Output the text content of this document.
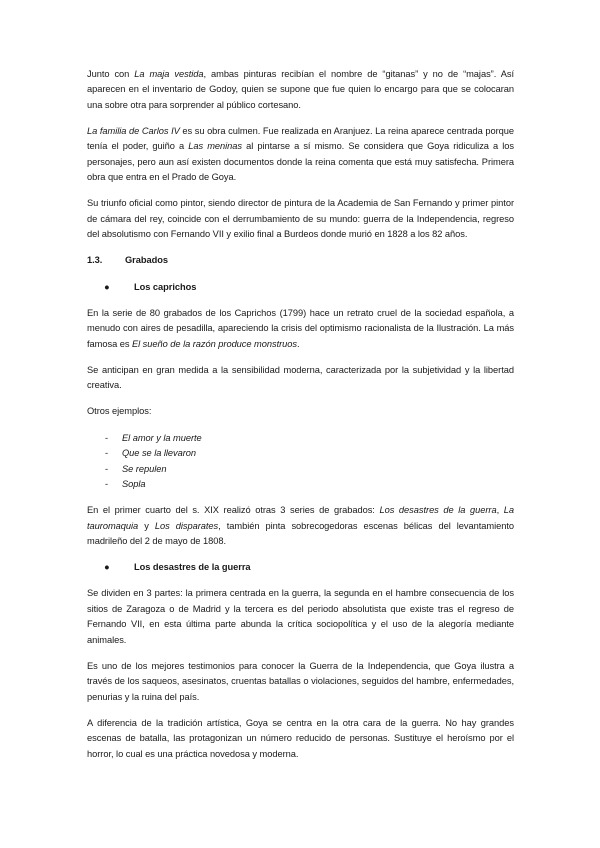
Junto con La maja vestida, ambas pinturas recibían el nombre de “gitanas” y no de “majas”. Así aparecen en el inventario de Godoy, quien se supone que fue quien lo encargo para que se colocaran una sobre otra para sorprender al público cortesano.

La familia de Carlos IV es su obra culmen. Fue realizada en Aranjuez. La reina aparece centrada porque tenía el poder, guiño a Las meninas al pintarse a sí mismo. Se considera que Goya ridiculiza a los personajes, pero aun así existen documentos donde la reina comenta que está muy satisfecha. Primera obra que entra en el Prado de Goya.

Su triunfo oficial como pintor, siendo director de pintura de la Academia de San Fernando y primer pintor de cámara del rey, coincide con el derrumbamiento de su mundo: guerra de la Independencia, regreso del absolutismo con Fernando VII y exilio final a Burdeos donde murió en 1828 a los 82 años.

1.3.	Grabados
●	Los caprichos

En la serie de 80 grabados de los Caprichos (1799) hace un retrato cruel de la sociedad española, a menudo con aires de pesadilla, apareciendo la crisis del optimismo racionalista de la Ilustración. La más famosa es El sueño de la razón produce monstruos.

Se anticipan en gran medida a la sensibilidad moderna, caracterizada por la subjetividad y la libertad creativa.

Otros ejemplos:

-
El amor y la muerte
-
Que se la llevaron
-
Se repulen
-
Sopla

En el primer cuarto del s. XIX realizó otras 3 series de grabados: Los desastres de la guerra, La tauromaquia y Los disparates, también pinta sobrecogedoras escenas bélicas del levantamiento madrileño del 2 de mayo de 1808.

●	Los desastres de la guerra

Se dividen en 3 partes: la primera centrada en la guerra, la segunda en el hambre consecuencia de los sitios de Zaragoza o de Madrid y la tercera es del periodo absolutista que existe tras el regreso de Fernando VII, en esta última parte abunda la crítica sociopolítica y el uso de la alegoría mediante animales.

Es uno de los mejores testimonios para conocer la Guerra de la Independencia, que Goya ilustra a través de los saqueos, asesinatos, cruentas batallas o violaciones, seguidos del hambre, enfermedades, penurias y la ruina del país.

A diferencia de la tradición artística, Goya se centra en la otra cara de la guerra. No hay grandes escenas de batalla, las protagonizan un número reducido de personas. Sustituye el heroísmo por el horror, lo cual es una práctica novedosa y moderna.
